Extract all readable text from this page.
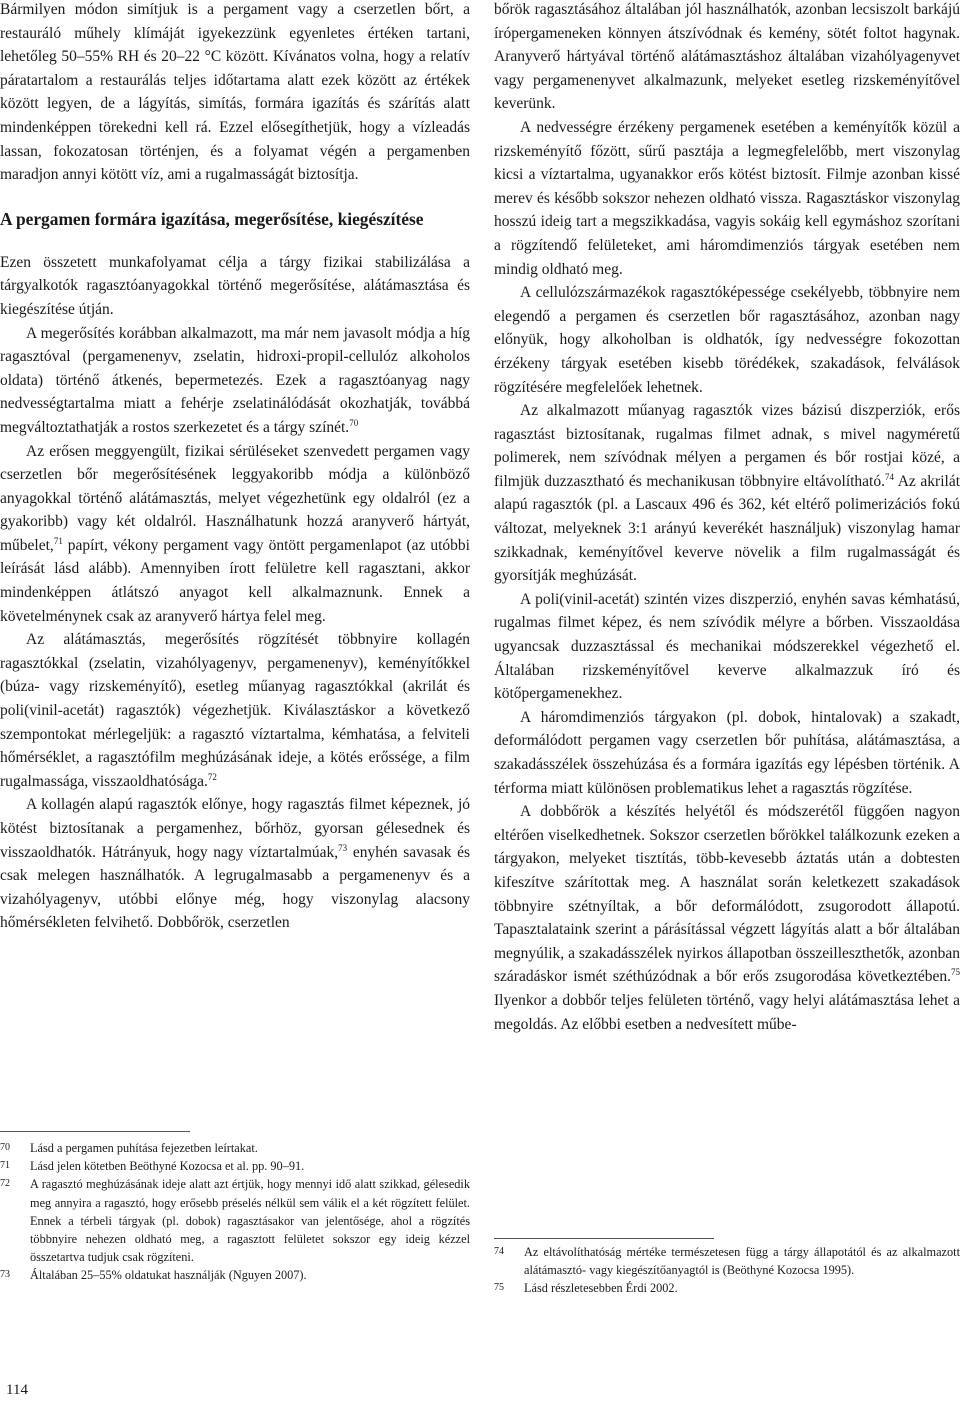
Bármilyen módon simítjuk is a pergament vagy a cserzetlen bőrt, a restauráló műhely klímáját igyekezzünk egyenletes értéken tartani, lehetőleg 50–55% RH és 20–22 °C között. Kívánatos volna, hogy a relatív páratartalom a restaurálás teljes időtartama alatt ezek között az értékek között legyen, de a lágyítás, simítás, formára igazítás és szárítás alatt mindenképpen törekedni kell rá. Ezzel elősegíthetjük, hogy a vízleadás lassan, fokozatosan történjen, és a folyamat végén a pergamenben maradjon annyi kötött víz, ami a rugalmasságát biztosítja.

A pergamen formára igazítása, megerősítése, kiegészítése

Ezen összetett munkafolyamat célja a tárgy fizikai stabilizálása a tárgyalkotók ragasztóanyagokkal történő megerősítése, alátámasztása és kiegészítése útján.

A megerősítés korábban alkalmazott, ma már nem javasolt módja a híg ragasztóval (pergamenenyv, zselatin, hidroxi-propil-cellulóz alkoholos oldata) történő átkenés, bepermetezés. Ezek a ragasztóanyag nagy nedvességtartalma miatt a fehérje zselatinálódását okozhatják, továbbá megváltoztathatják a rostos szerkezetet és a tárgy színét.$^{70}$

Az erősen meggyengült, fizikai sérüléseket szenvedett pergamen vagy cserzetlen bőr megerősítésének leggyakoribb módja a különböző anyagokkal történő alátámasztás, melyet végezhetünk egy oldalról (ez a gyakoribb) vagy két oldalról. Használhatunk hozzá aranyverő hártyát, műbelet,$^{71}$ papírt, vékony pergament vagy öntött pergamenlapot (az utóbbi leírását lásd alább). Amennyiben írott felületre kell ragasztani, akkor mindenképpen átlátszó anyagot kell alkalmaznunk. Ennek a követelménynek csak az aranyverő hártya felel meg.

Az alátámasztás, megerősítés rögzítését többnyire kollagén ragasztókkal (zselatin, vizahólyagenyv, pergamenenyv), keményítőkkel (búza- vagy rizskeményítő), esetleg műanyag ragasztókkal (akrilát és poli(vinil-acetát) ragasztók) végezhetjük. Kiválasztáskor a következő szempontokat mérlegeljük: a ragasztó víztartalma, kémhatása, a felviteli hőmérséklet, a ragasztófilm meghúzásának ideje, a kötés erőssége, a film rugalmassága, visszaoldhatósága.$^{72}$

A kollagén alapú ragasztók előnye, hogy ragasztás filmet képeznek, jó kötést biztosítanak a pergamenhez, bőrhöz, gyorsan gélesednek és visszaoldhatók. Hátrányuk, hogy nagy víztartalmúak,$^{73}$ enyhén savasak és csak melegen használhatók. A legrugalmasabb a pergamenenyv és a vizahólyagenyv, utóbbi előnye még, hogy viszonylag alacsony hőmérsékleten felvihető. Dobbőrök, cserzetlen

70	Lásd a pergamen puhítása fejezetben leírtakat.
71	Lásd jelen kötetben Beöthyné Kozocsa et al. pp. 90–91.
72	A ragasztó meghúzásának ideje alatt azt értjük, hogy mennyi idő alatt szikkad, gélesedik meg annyira a ragasztó, hogy erősebb préselés nélkül sem válik el a két rögzített felület. Ennek a térbeli tárgyak (pl. dobok) ragasztásakor van jelentősége, ahol a rögzítés többnyire nehezen oldható meg, a ragasztott felületet sokszor egy ideig kézzel összetartva tudjuk csak rögzíteni.
73	Általában 25–55% oldatukat használják (Nguyen 2007).

bőrök ragasztásához általában jól használhatók, azonban lecsiszolt barkájú írópergameneken könnyen átszívódnak és kemény, sötét foltot hagynak. Aranyverő hártyával történő alátámasztáshoz általában vizahólyagenyvet vagy pergamenenyvet alkalmazunk, melyeket esetleg rizskeményítővel keverünk.

A nedvességre érzékeny pergamenek esetében a keményítők közül a rizskeményítő főzött, sűrű pasztája a legmegfelelőbb, mert viszonylag kicsi a víztartalma, ugyanakkor erős kötést biztosít. Filmje azonban kissé merev és később sokszor nehezen oldható vissza. Ragasztáskor viszonylag hosszú ideig tart a megszikkadása, vagyis sokáig kell egymáshoz szorítani a rögzítendő felületeket, ami háromdimenziós tárgyak esetében nem mindig oldható meg.

A cellulózszármazékok ragasztóképessége csekélyebb, többnyire nem elegendő a pergamen és cserzetlen bőr ragasztásához, azonban nagy előnyük, hogy alkoholban is oldhatók, így nedvességre fokozottan érzékeny tárgyak esetében kisebb törédékek, szakadások, felválások rögzítésére megfelelőek lehetnek.

Az alkalmazott műanyag ragasztók vizes bázisú diszperziók, erős ragasztást biztosítanak, rugalmas filmet adnak, s mivel nagyméretű polimerek, nem szívódnak mélyen a pergamen és bőr rostjai közé, a filmjük duzzasztható és mechanikusan többnyire eltávolítható.$^{74}$ Az akrilát alapú ragasztók (pl. a Lascaux 496 és 362, két eltérő polimerizációs fokú változat, melyeknek 3:1 arányú keverékét használjuk) viszonylag hamar szikkadnak, keményítővel keverve növelik a film rugalmasságát és gyorsítják meghúzását.

A poli(vinil-acetát) szintén vizes diszperzió, enyhén savas kémhatású, rugalmas filmet képez, és nem szívódik mélyre a bőrben. Visszaoldása ugyancsak duzzasztással és mechanikai módszerekkel végezhető el. Általában rizskeményítővel keverve alkalmazzuk író és kötőpergamenekhez.

A háromdimenziós tárgyakon (pl. dobok, hintalovak) a szakadt, deformálódott pergamen vagy cserzetlen bőr puhítása, alátámasztása, a szakadásszélek összehúzása és a formára igazítás egy lépésben történik. A térforma miatt különösen problematikus lehet a ragasztás rögzítése.

A dobbőrök a készítés helyétől és módszerétől függően nagyon eltérően viselkedhetnek. Sokszor cserzetlen bőrökkel találkozunk ezeken a tárgyakon, melyeket tisztítás, több-kevesebb áztatás után a dobtesten kifeszítve szárítottak meg. A használat során keletkezett szakadások többnyire szétnyíltak, a bőr deformálódott, zsugorodott állapotú. Tapasztalataink szerint a párásítással végzett lágyítás alatt a bőr általában megnyúlik, a szakadásszélek nyirkos állapotban összeilleszthetők, azonban száradáskor ismét széthúzódnak a bőr erős zsugorodása következtében.$^{75}$ Ilyenkor a dobbőr teljes felületen történő, vagy helyi alátámasztása lehet a megoldás. Az előbbi esetben a nedvesített műbe-

74	Az eltávolíthatóság mértéke természetesen függ a tárgy állapotától és az alkalmazott alátámasztó- vagy kiegészítőanyagtól is (Beöthyné Kozocsa 1995).
75	Lásd részletesebben Érdi 2002.
114
